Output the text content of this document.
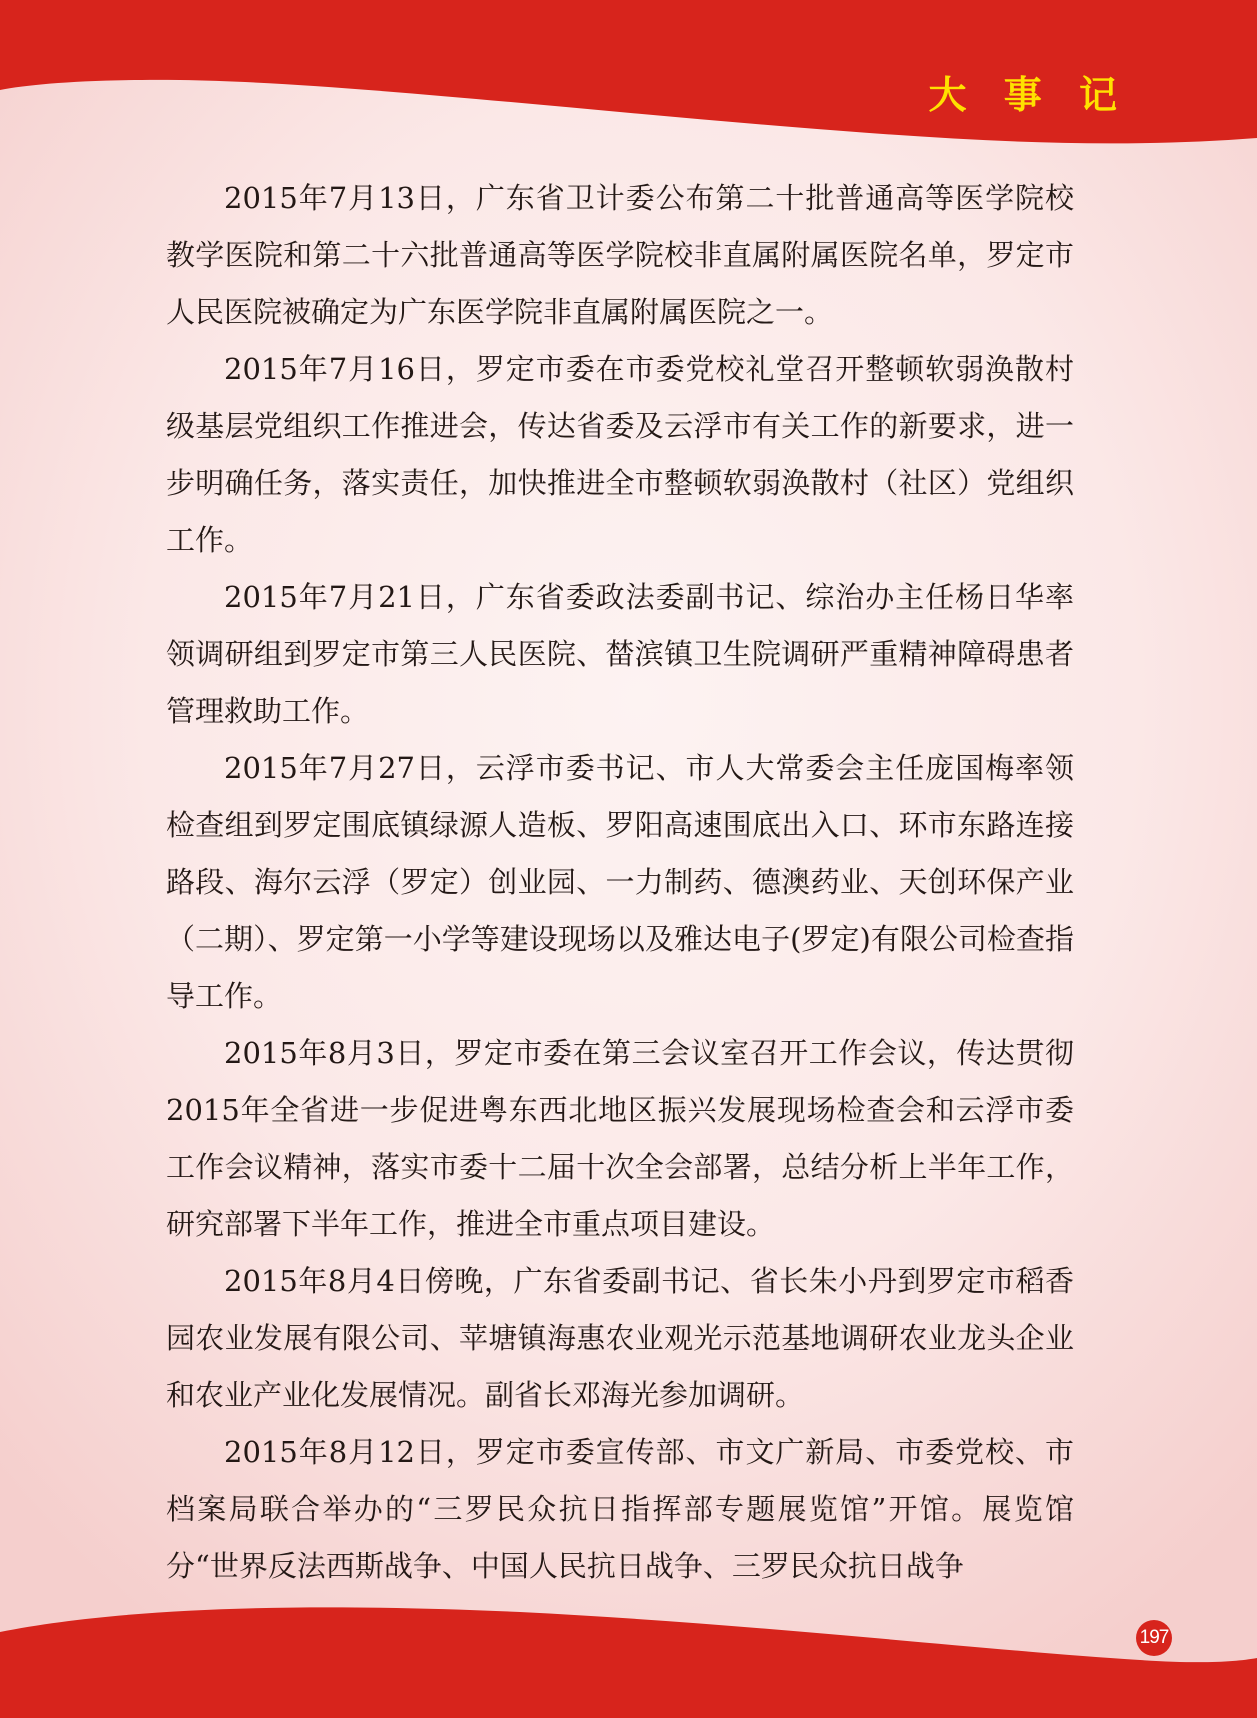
大 事 记

2015年7月13日，广东省卫计委公布第二十批普通高等医学院校教学医院和第二十六批普通高等医学院校非直属附属医院名单，罗定市人民医院被确定为广东医学院非直属附属医院之一。

2015年7月16日，罗定市委在市委党校礼堂召开整顿软弱涣散村级基层党组织工作推进会，传达省委及云浮市有关工作的新要求，进一步明确任务，落实责任，加快推进全市整顿软弱涣散村（社区）党组织工作。

2015年7月21日，广东省委政法委副书记、综治办主任杨日华率领调研组到罗定市第三人民医院、榃滨镇卫生院调研严重精神障碍患者管理救助工作。

2015年7月27日，云浮市委书记、市人大常委会主任庞国梅率领检查组到罗定围底镇绿源人造板、罗阳高速围底出入口、环市东路连接路段、海尔云浮（罗定）创业园、一力制药、德澳药业、天创环保产业（二期）、罗定第一小学等建设现场以及雅达电子(罗定)有限公司检查指导工作。

2015年8月3日，罗定市委在第三会议室召开工作会议，传达贯彻2015年全省进一步促进粤东西北地区振兴发展现场检查会和云浮市委工作会议精神，落实市委十二届十次全会部署，总结分析上半年工作，研究部署下半年工作，推进全市重点项目建设。

2015年8月4日傍晚，广东省委副书记、省长朱小丹到罗定市稻香园农业发展有限公司、苹塘镇海惠农业观光示范基地调研农业龙头企业和农业产业化发展情况。副省长邓海光参加调研。

2015年8月12日，罗定市委宣传部、市文广新局、市委党校、市档案局联合举办的“三罗民众抗日指挥部专题展览馆”开馆。展览馆分“世界反法西斯战争、中国人民抗日战争、三罗民众抗日战争

197
